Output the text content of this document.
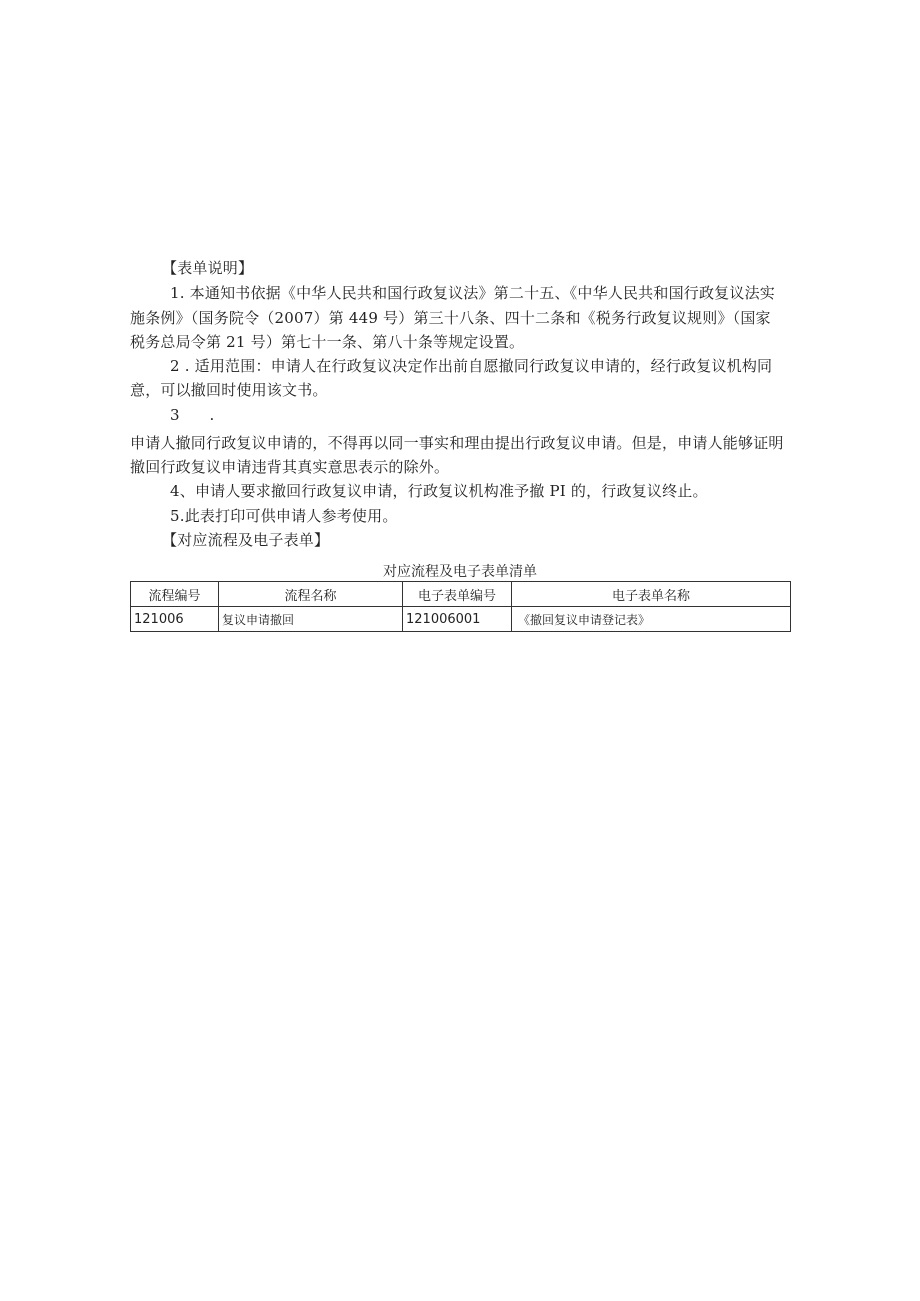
【表单说明】

1. 本通知书依据《中华人民共和国行政复议法》第二十五、《中华人民共和国行政复议法实

施条例》（国务院令（2007）第 449 号）第三十八条、四十二条和《税务行政复议规则》（国家

税务总局令第 21 号）第七十一条、第八十条等规定设置。

2 . 适用范围：申请人在行政复议决定作出前自愿撤同行政复议申请的，经行政复议机构同

意，可以撤回时使用该文书。

3      .

申请人撤同行政复议申请的，不得再以同一事实和理由提出行政复议申请。但是，申请人能够证明

撤回行政复议申请违背其真实意思表示的除外。

4、申请人要求撤回行政复议申请，行政复议机构准予撤 PI 的，行政复议终止。

5.此表打印可供申请人参考使用。

【对应流程及电子表单】

对应流程及电子表单清单
流程编号	流程名称	电子表单编号	电子表单名称
121006	复议申请撤回	121006001	《撤回复议申请登记表》
